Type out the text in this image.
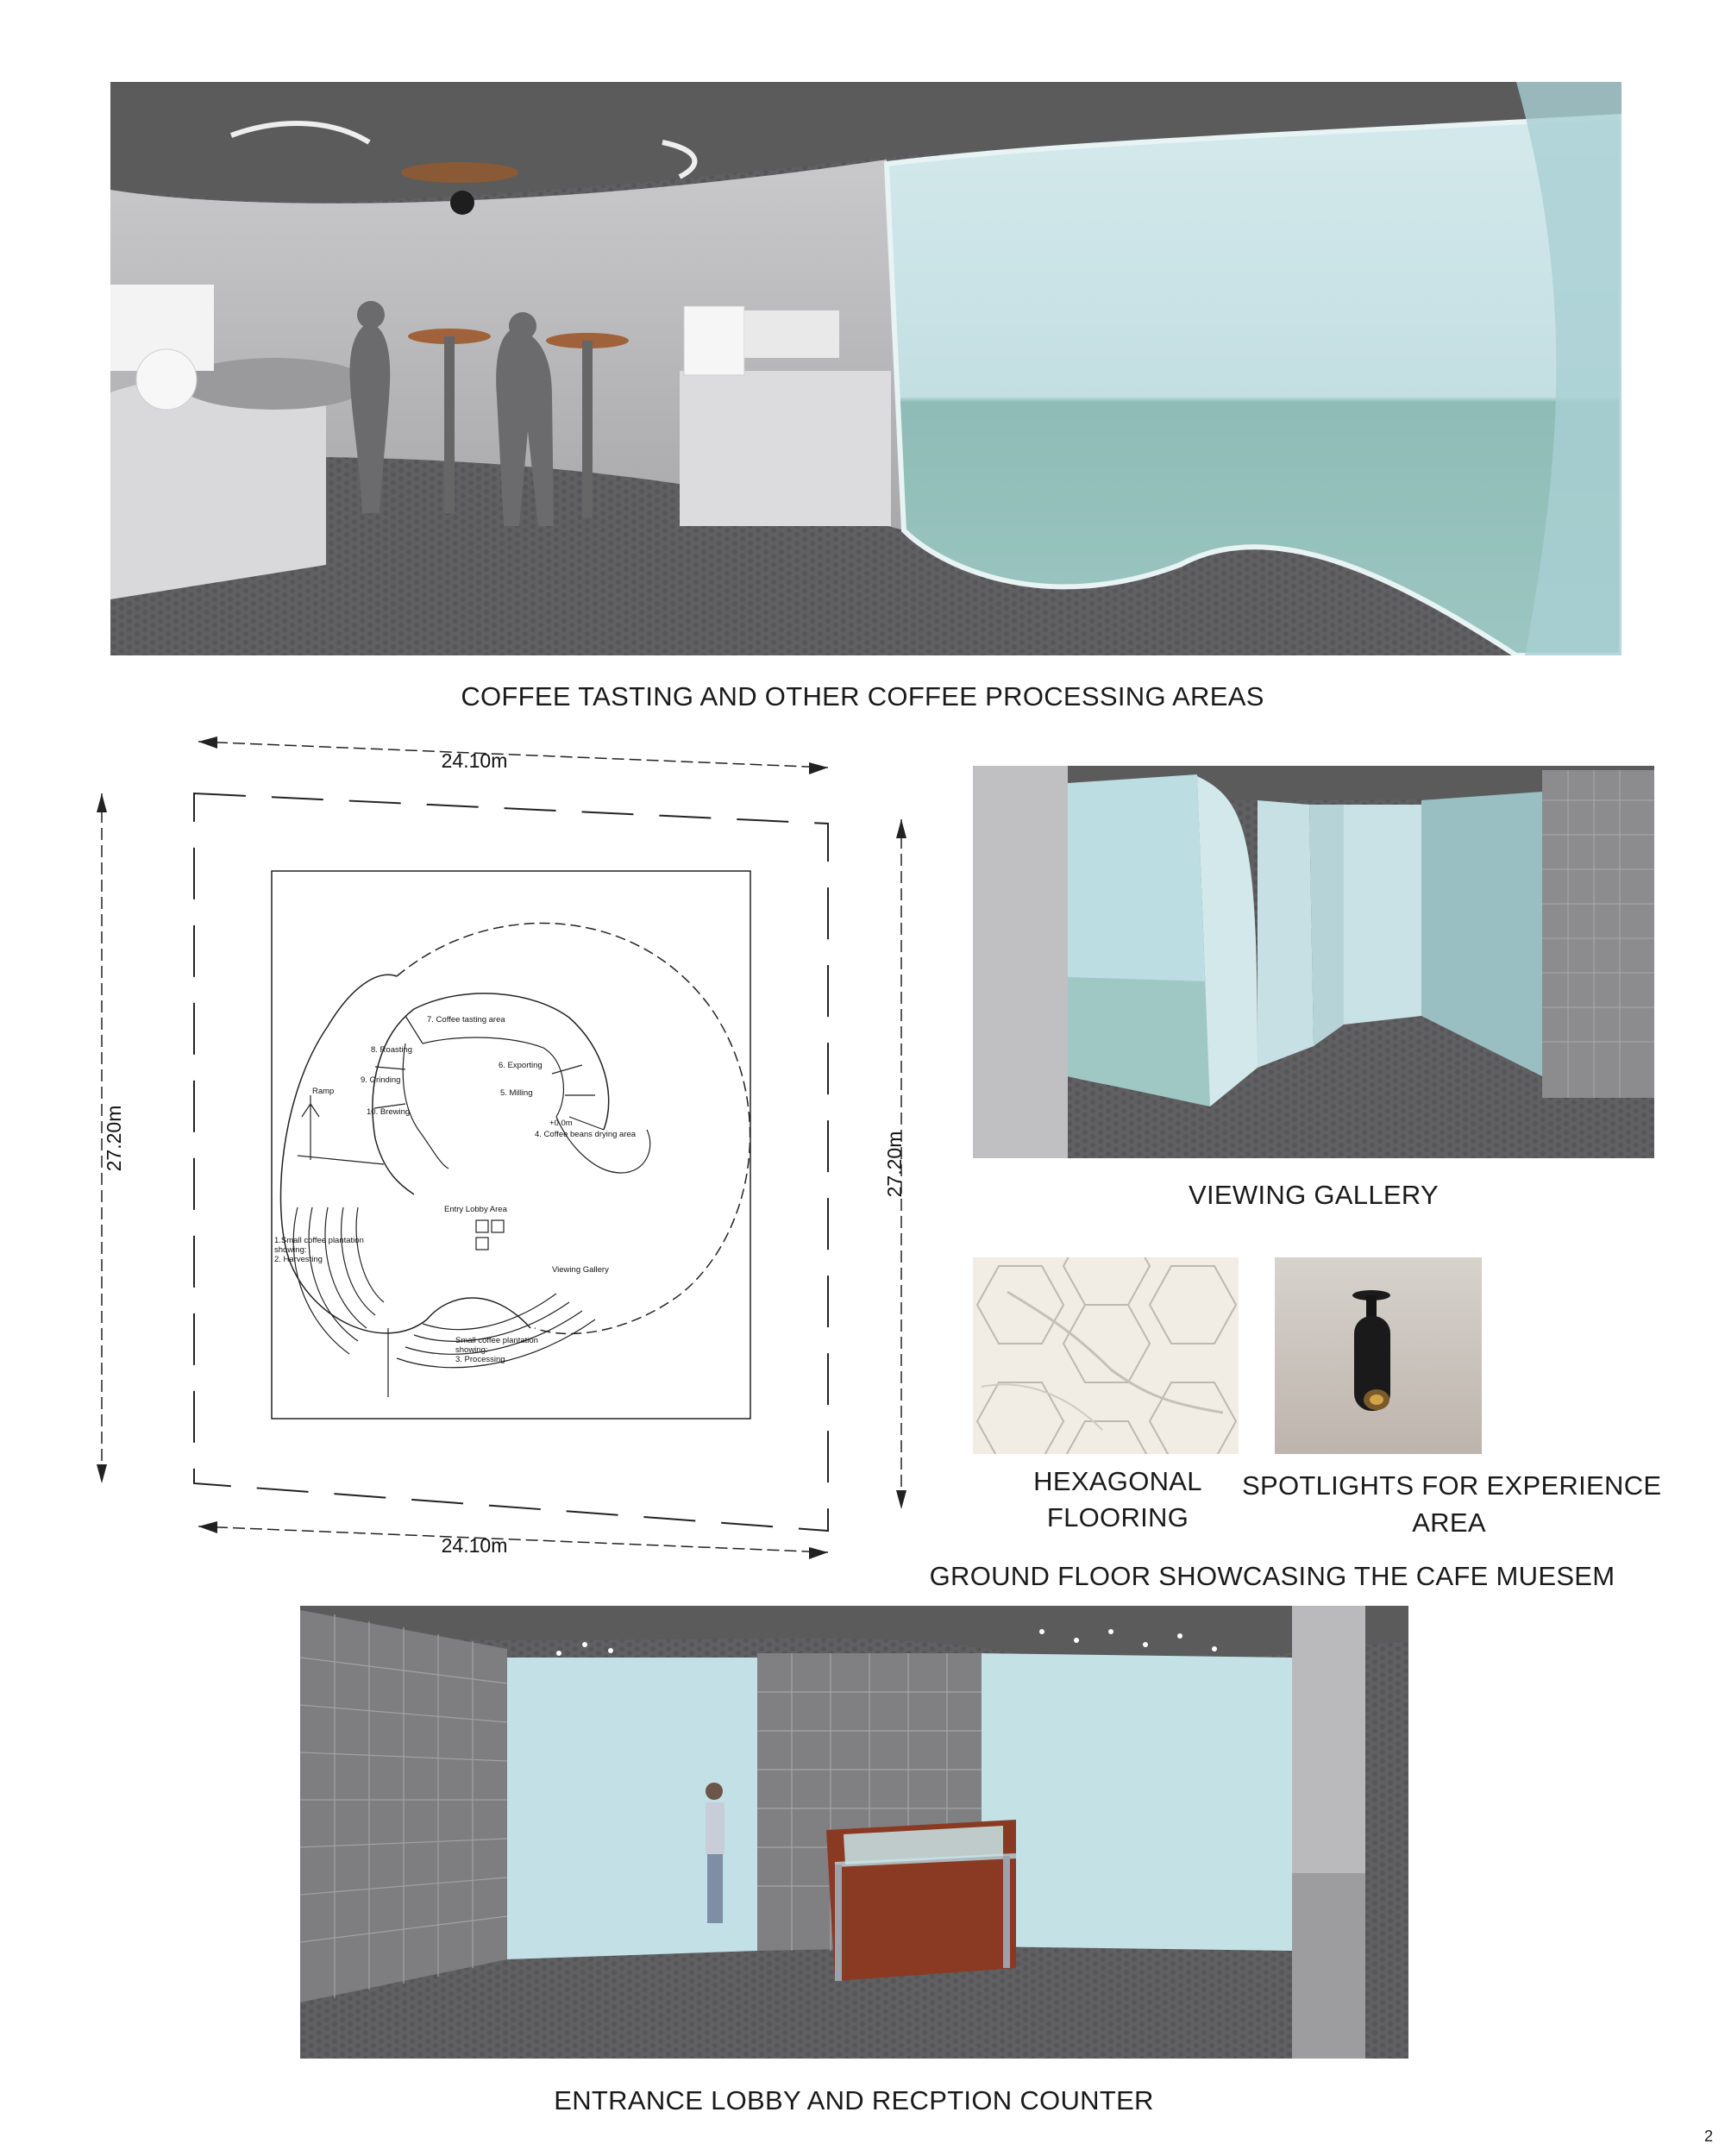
COFFEE TASTING AND OTHER COFFEE PROCESSING AREAS
24.10m
24.10m
27.20m	27.20m
Ramp
8. Roasting
7. Coffee tasting area
9. Grinding
10. Brewing
6. Exporting
5. Milling
+0.0m
4. Coffee beans drying area
Entry Lobby Area
1.Small coffee plantation
showing:
2. Harvesting
Viewing Gallery
Small coffee plantation
showing:
3. Processing
VIEWING GALLERY
HEXAGONAL
FLOORING
SPOTLIGHTS FOR EXPERIENCE
AREA
GROUND FLOOR SHOWCASING THE CAFE MUESEM
ENTRANCE LOBBY AND RECPTION COUNTER
2
